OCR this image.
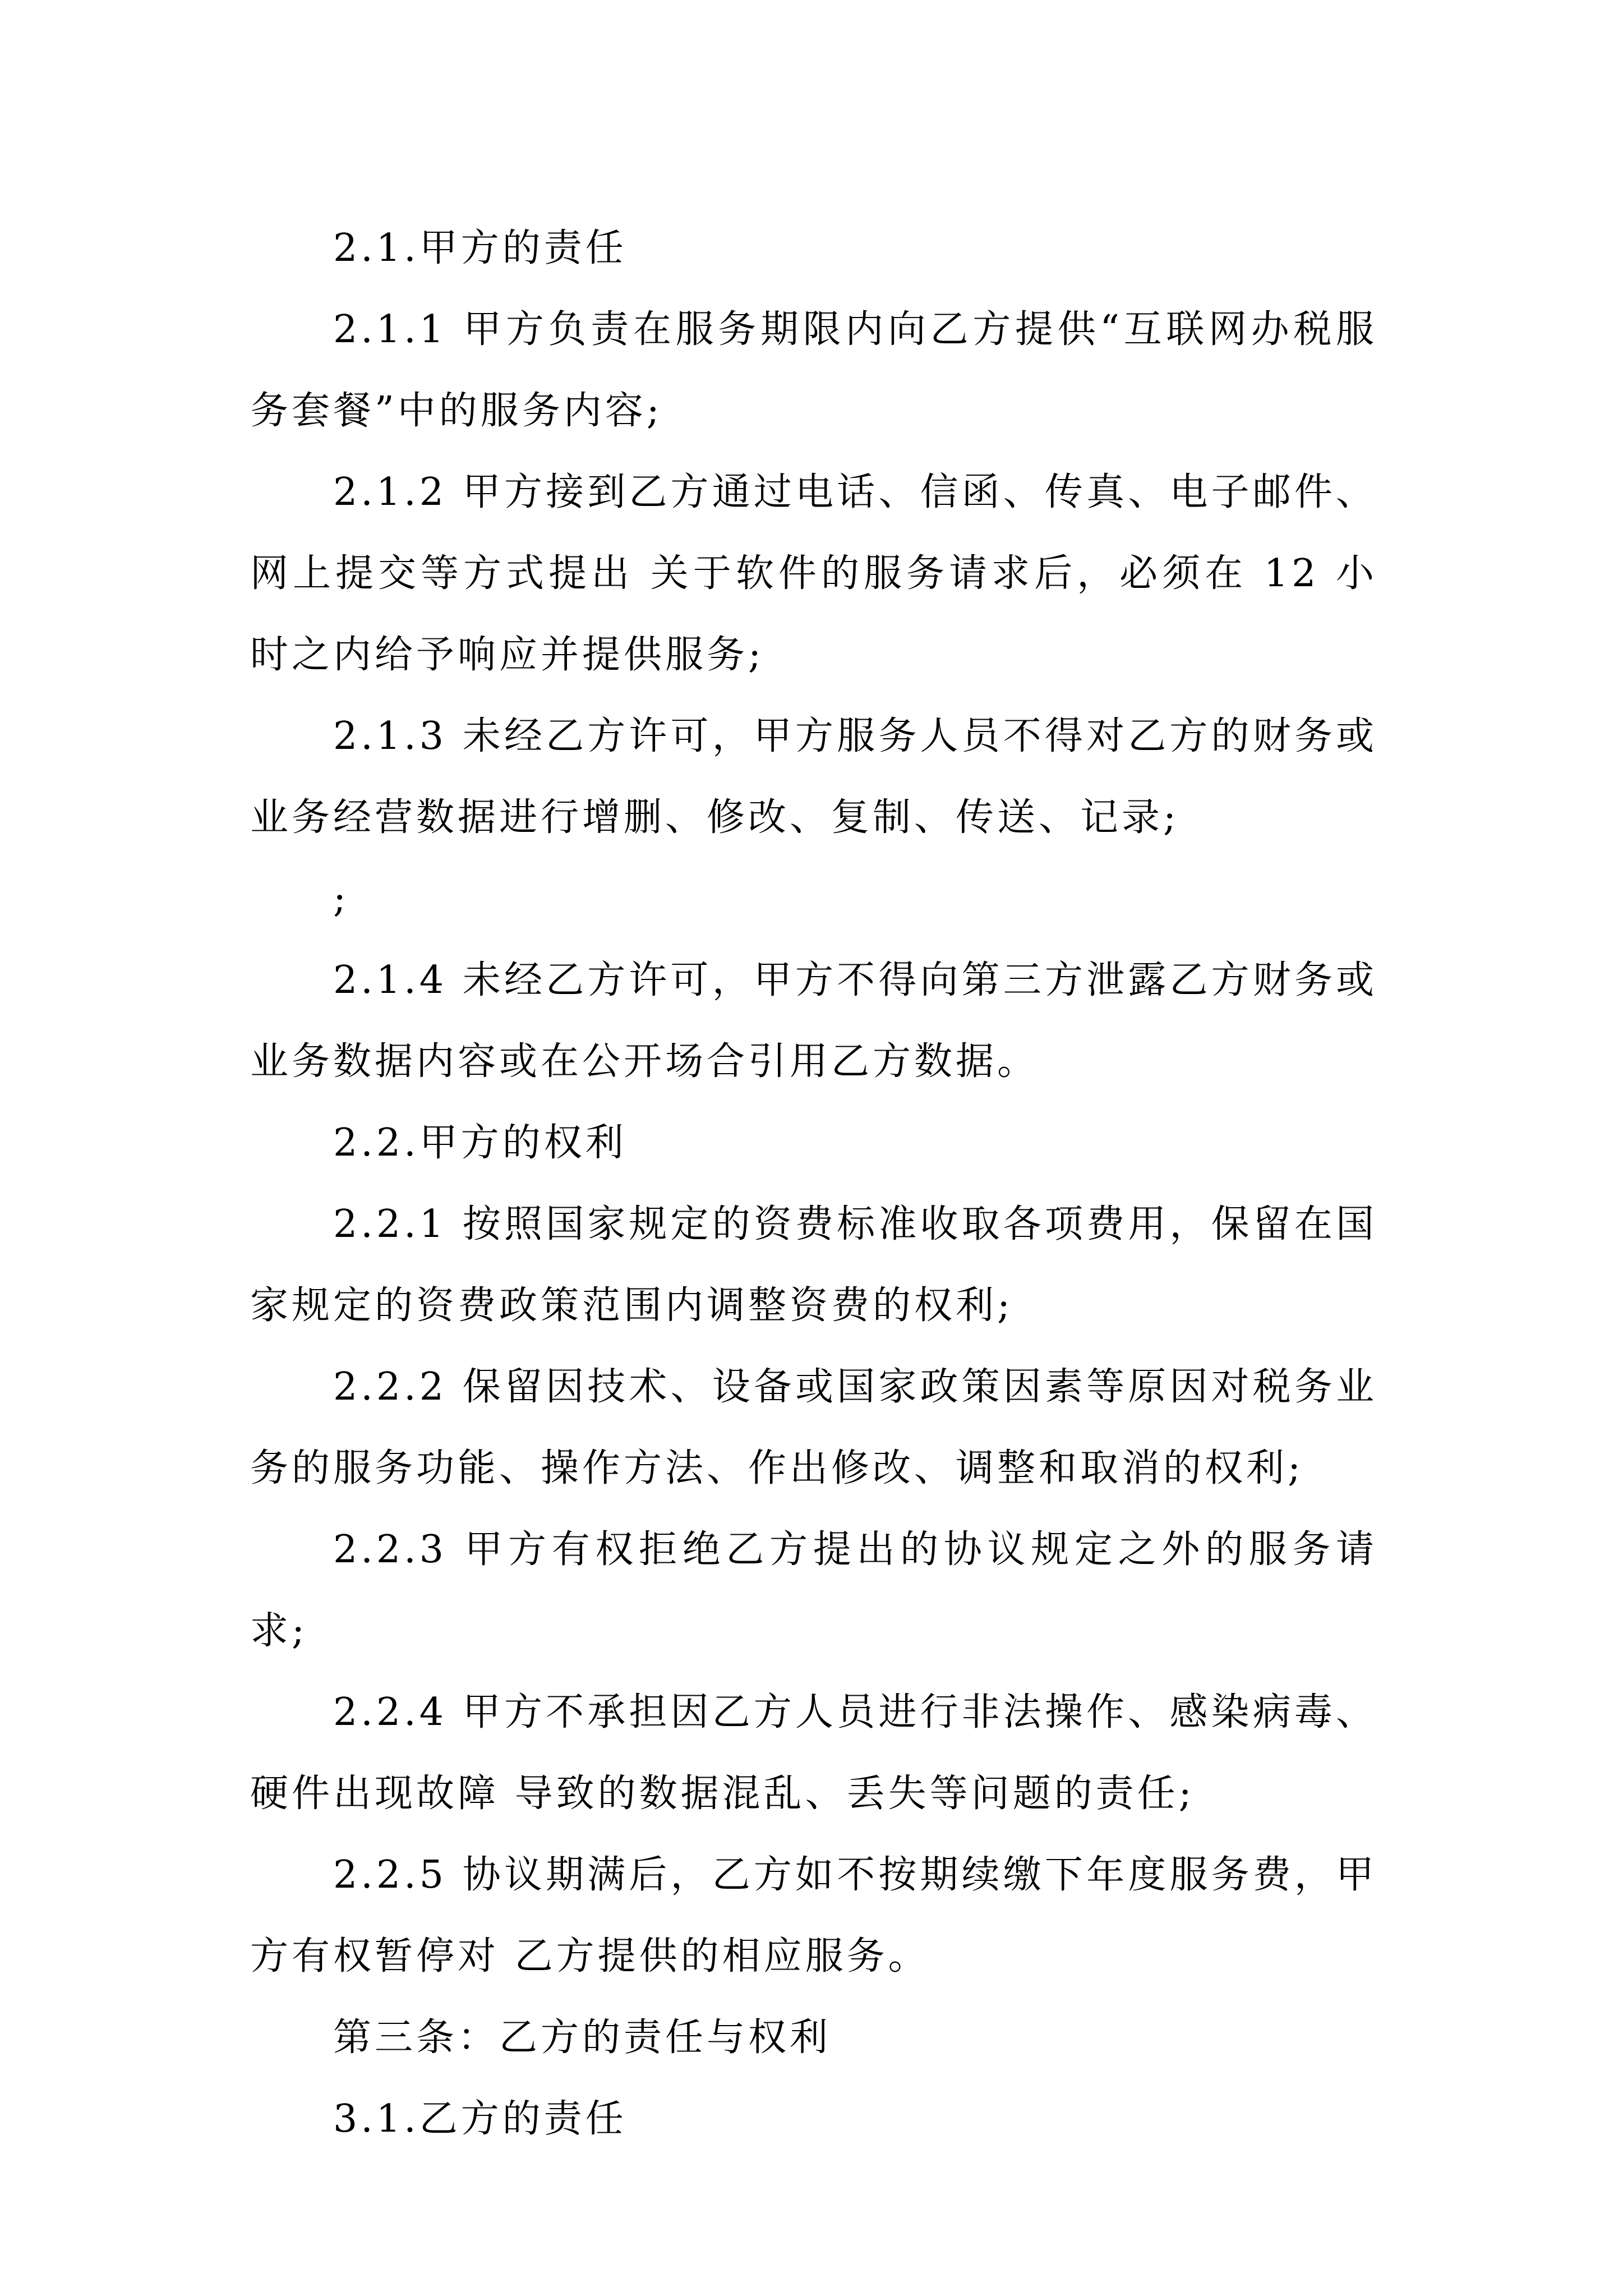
2.1.甲方的责任

2.1.1 甲方负责在服务期限内向乙方提供“互联网办税服务套餐”中的服务内容;

2.1.2 甲方接到乙方通过电话、信函、传真、电子邮件、网上提交等方式提出 关于软件的服务请求后，必须在 12 小时之内给予响应并提供服务;

2.1.3 未经乙方许可，甲方服务人员不得对乙方的财务或业务经营数据进行增删、修改、复制、传送、记录;

;

2.1.4 未经乙方许可，甲方不得向第三方泄露乙方财务或业务数据内容或在公开场合引用乙方数据。

2.2.甲方的权利

2.2.1 按照国家规定的资费标准收取各项费用，保留在国家规定的资费政策范围内调整资费的权利;

2.2.2 保留因技术、设备或国家政策因素等原因对税务业务的服务功能、操作方法、作出修改、调整和取消的权利;

2.2.3 甲方有权拒绝乙方提出的协议规定之外的服务请求;

2.2.4 甲方不承担因乙方人员进行非法操作、感染病毒、硬件出现故障 导致的数据混乱、丢失等问题的责任;

2.2.5 协议期满后，乙方如不按期续缴下年度服务费，甲方有权暂停对 乙方提供的相应服务。

第三条：乙方的责任与权利

3.1.乙方的责任
